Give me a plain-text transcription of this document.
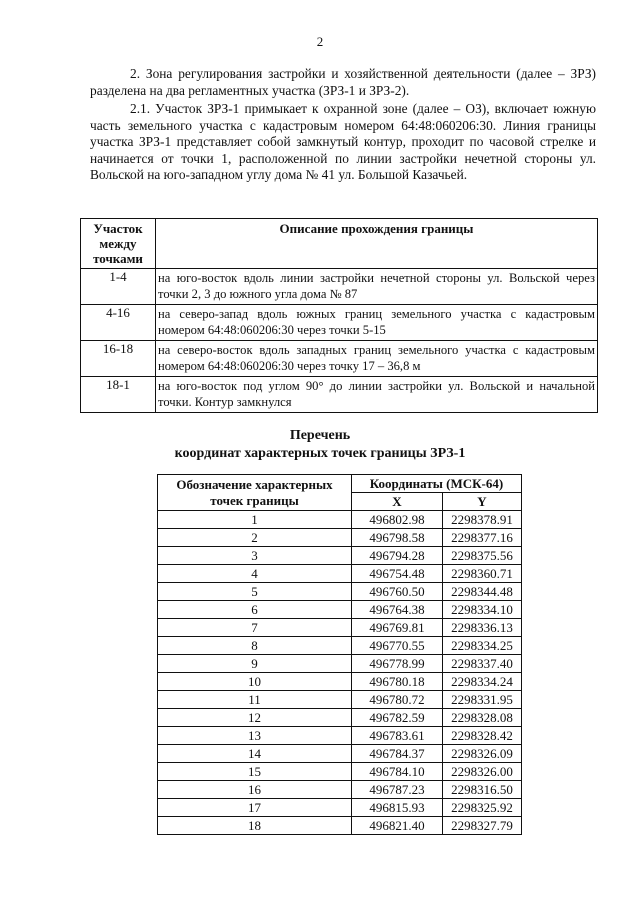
2

2. Зона регулирования застройки и хозяйственной деятельности (далее – ЗРЗ) разделена на два регламентных участка (ЗРЗ-1 и ЗРЗ-2).

2.1. Участок ЗРЗ-1 примыкает к охранной зоне (далее – ОЗ), включает южную часть земельного участка с кадастровым номером 64:48:060206:30. Линия границы участка ЗРЗ-1 представляет собой замкнутый контур, проходит по часовой стрелке и начинается от точки 1, расположенной по линии застройки нечетной стороны ул. Вольской на юго-западном углу дома № 41 ул. Большой Казачьей.

Участок
между
точками	Описание прохождения границы
1-4	на юго-восток вдоль линии застройки нечетной стороны ул. Вольской через точки 2, 3 до южного угла дома № 87
4-16	на северо-запад вдоль южных границ земельного участка с кадастровым номером 64:48:060206:30 через точки 5-15
16-18	на северо-восток вдоль западных границ земельного участка с кадастровым номером 64:48:060206:30 через точку 17 – 36,8 м
18-1	на юго-восток под углом 90° до линии застройки ул. Вольской и начальной точки. Контур замкнулся

Перечень

координат характерных точек границы ЗРЗ-1

Обозначение характерных
точек границы	Координаты (МСК-64)	
	X	Y
1	496802.98	2298378.91
2	496798.58	2298377.16
3	496794.28	2298375.56
4	496754.48	2298360.71
5	496760.50	2298344.48
6	496764.38	2298334.10
7	496769.81	2298336.13
8	496770.55	2298334.25
9	496778.99	2298337.40
10	496780.18	2298334.24
11	496780.72	2298331.95
12	496782.59	2298328.08
13	496783.61	2298328.42
14	496784.37	2298326.09
15	496784.10	2298326.00
16	496787.23	2298316.50
17	496815.93	2298325.92
18	496821.40	2298327.79
